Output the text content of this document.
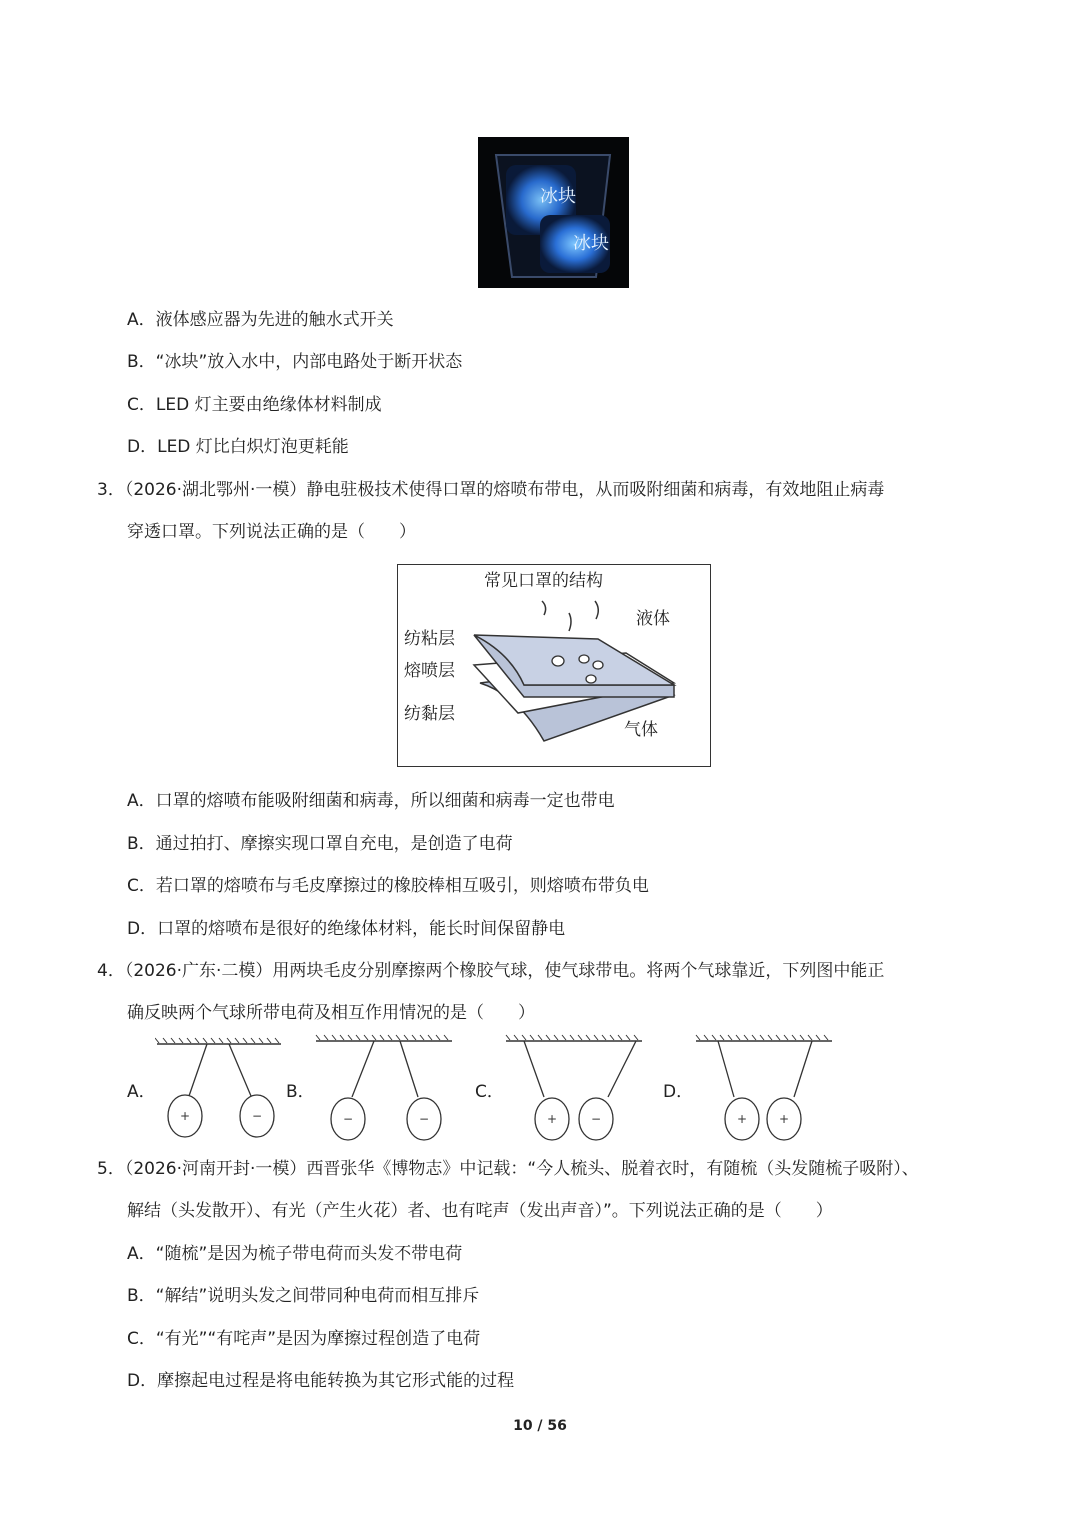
冰块
冰块
A．液体感应器为先进的触水式开关
B．“冰块”放入水中，内部电路处于断开状态
C．LED 灯主要由绝缘体材料制成
D．LED 灯比白炽灯泡更耗能
3．（2026·湖北鄂州·一模）静电驻极技术使得口罩的熔喷布带电，从而吸附细菌和病毒，有效地阻止病毒
穿透口罩。下列说法正确的是（　　）
常见口罩的结构
液体
纺粘层
熔喷层
纺黏层
气体
A．口罩的熔喷布能吸附细菌和病毒，所以细菌和病毒一定也带电
B．通过拍打、摩擦实现口罩自充电，是创造了电荷
C．若口罩的熔喷布与毛皮摩擦过的橡胶棒相互吸引，则熔喷布带负电
D．口罩的熔喷布是很好的绝缘体材料，能长时间保留静电
4．（2026·广东·二模）用两块毛皮分别摩擦两个橡胶气球，使气球带电。将两个气球靠近，下列图中能正
确反映两个气球所带电荷及相互作用情况的是（　　）
A．
+	−
B．
−	−
C．
+	−
D．
+	+
5．（2026·河南开封·一模）西晋张华《博物志》中记载：“今人梳头、脱着衣时，有随梳（头发随梳子吸附）、
解结（头发散开）、有光（产生火花）者、也有咤声（发出声音）”。下列说法正确的是（　　）
A．“随梳”是因为梳子带电荷而头发不带电荷
B．“解结”说明头发之间带同种电荷而相互排斥
C．“有光”“有咤声”是因为摩擦过程创造了电荷
D．摩擦起电过程是将电能转换为其它形式能的过程
10 / 56
